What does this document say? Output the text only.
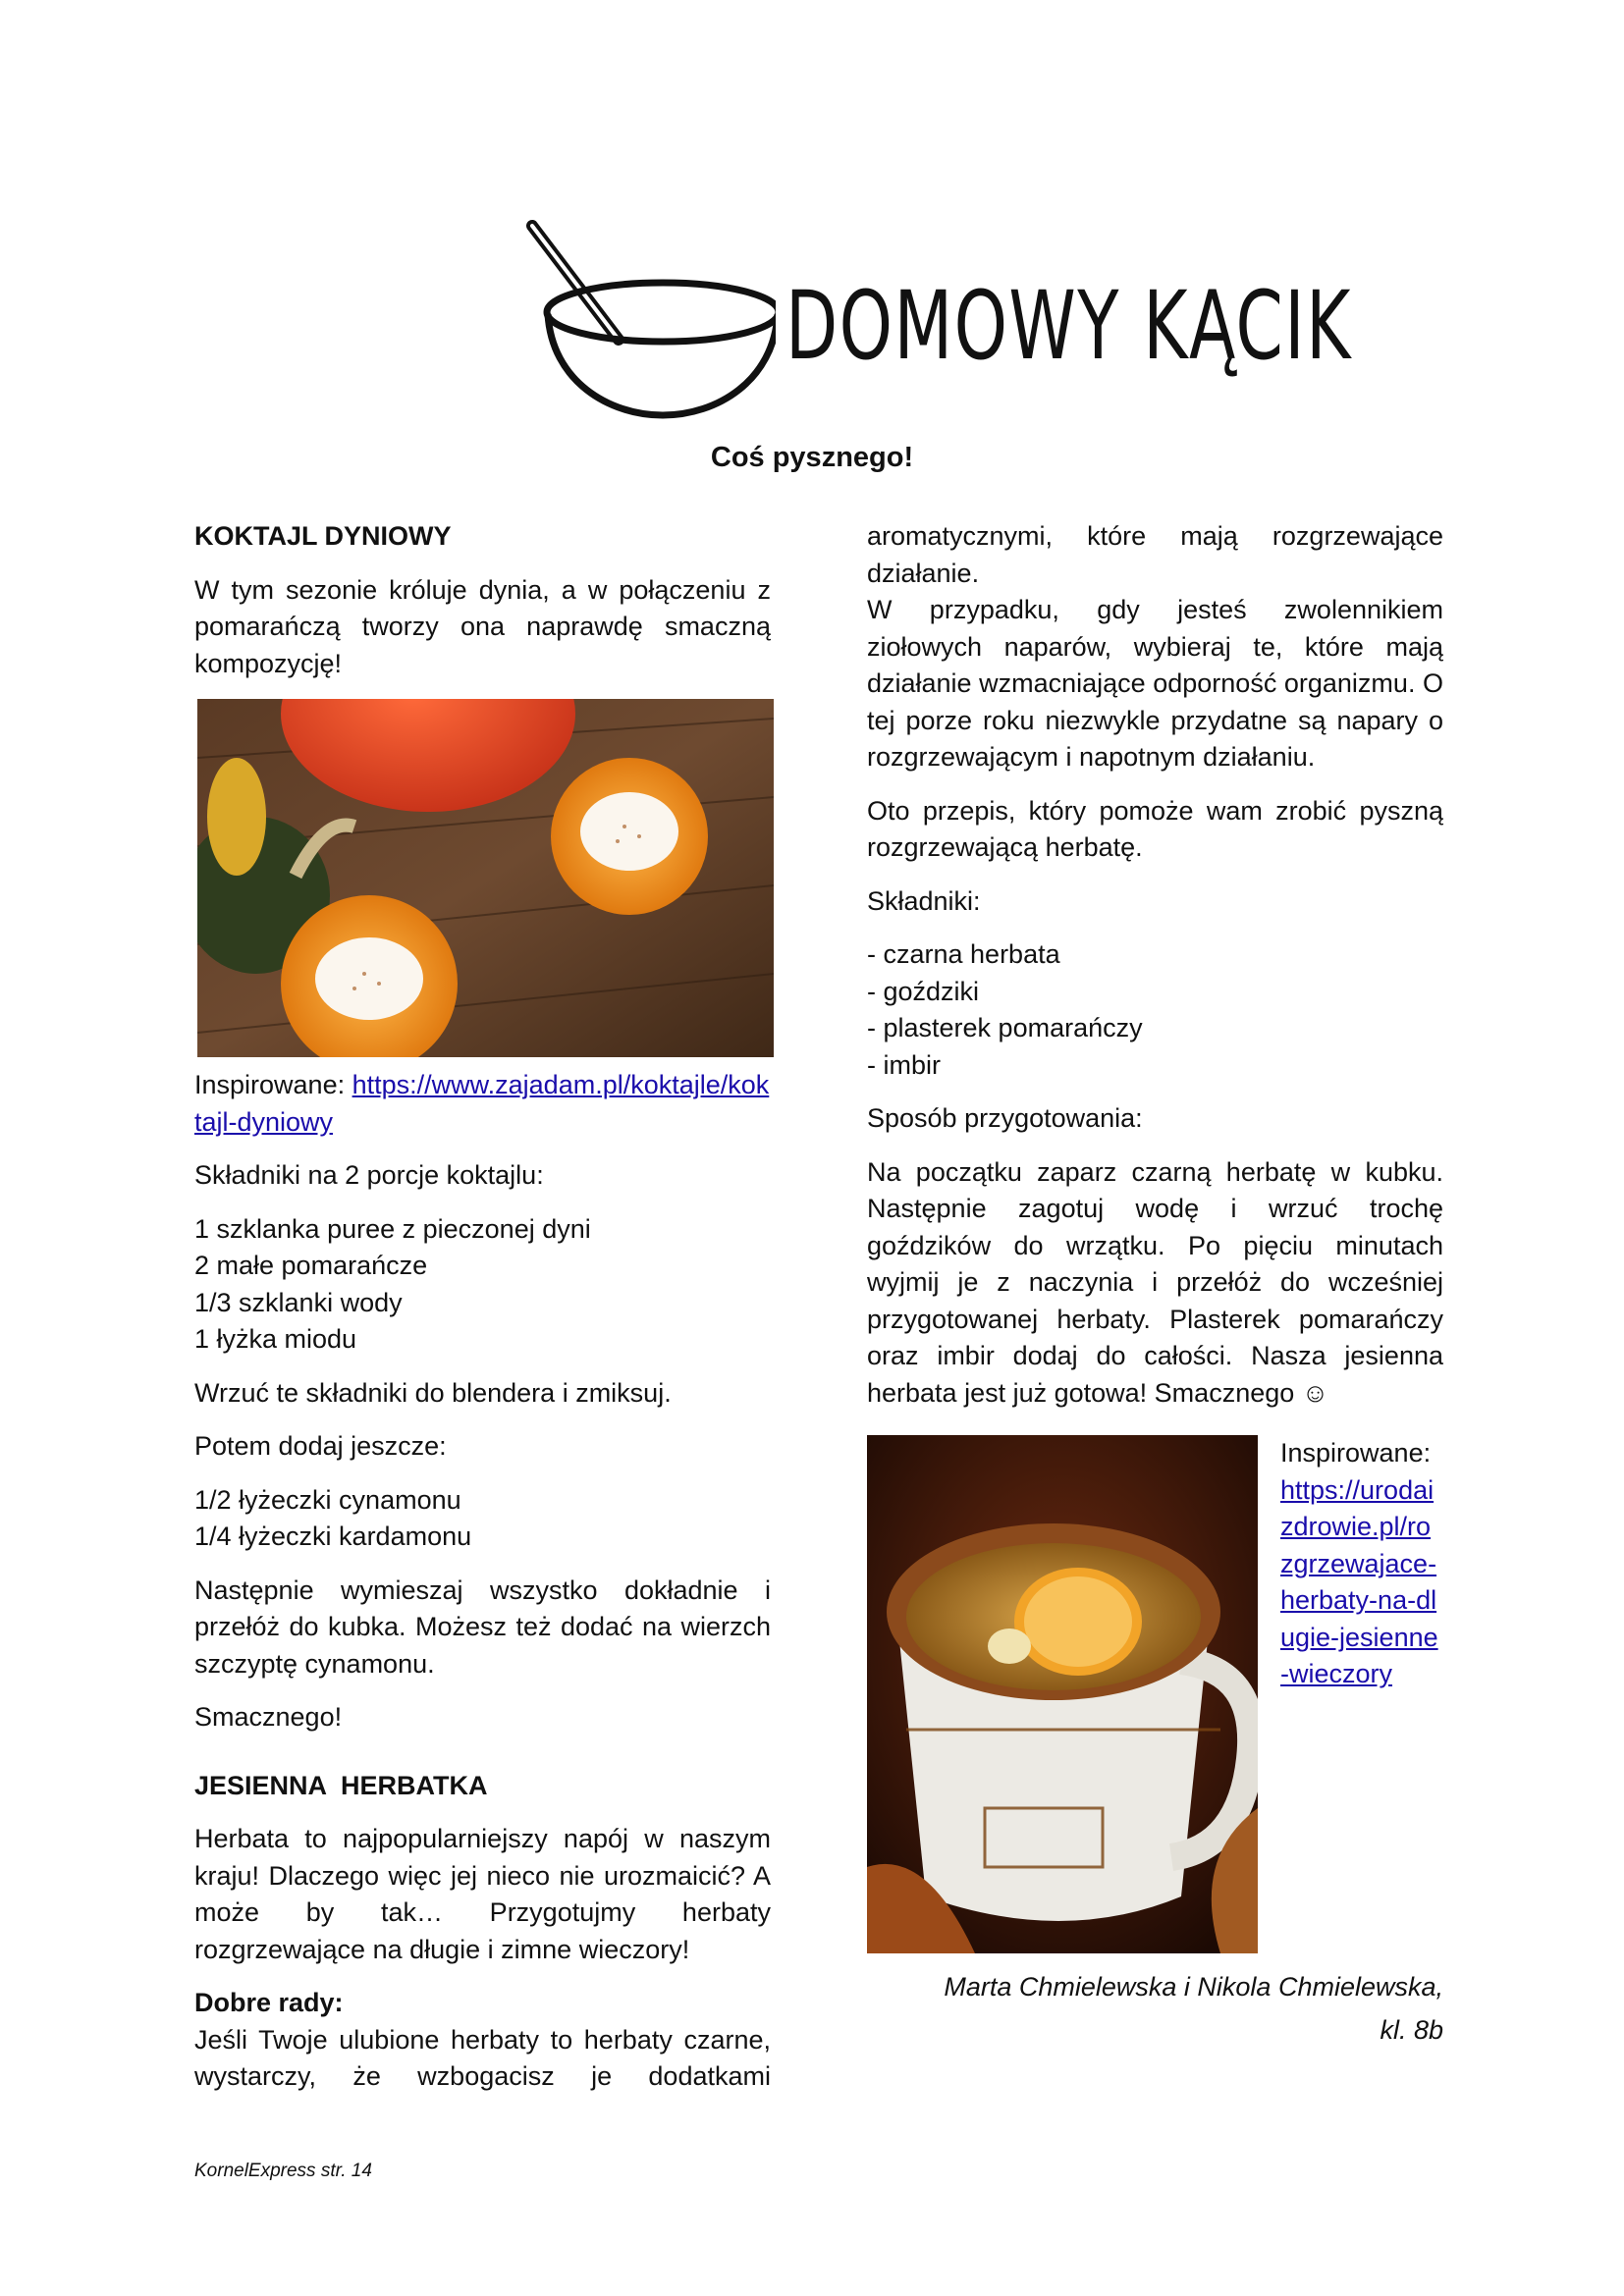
DOMOWY KĄCIK
Coś pysznego!
KOKTAJL DYNIOWY

W tym sezonie króluje dynia, a w połączeniu z pomarańczą tworzy ona naprawdę smaczną kompozycję!

Inspirowane: https://www.zajadam.pl/koktajle/koktajl-dyniowy

Składniki na 2 porcje koktajlu:

1 szklanka puree z pieczonej dyni
2 małe pomarańcze
1/3 szklanki wody
1 łyżka miodu

Wrzuć te składniki do blendera i zmiksuj.

Potem dodaj jeszcze:

1/2 łyżeczki cynamonu
1/4 łyżeczki kardamonu

Następnie wymieszaj wszystko dokładnie i przełóż do kubka. Możesz też dodać na wierzch szczyptę cynamonu.

Smacznego!

JESIENNA  HERBATKA

Herbata to najpopularniejszy napój w naszym kraju! Dlaczego więc jej nieco nie urozmaicić? A może by tak… Przygotujmy herbaty rozgrzewające na długie i zimne wieczory!

Dobre rady:

Jeśli Twoje ulubione herbaty to herbaty czarne, wystarczy, że wzbogacisz je dodatkami

aromatycznymi, które mają rozgrzewające działanie.

W przypadku, gdy jesteś zwolennikiem ziołowych naparów, wybieraj te, które mają działanie wzmacniające odporność organizmu. O tej porze roku niezwykle przydatne są napary o rozgrzewającym i napotnym działaniu.

Oto przepis, który pomoże wam zrobić pyszną rozgrzewającą herbatę.

Składniki:

- czarna herbata
- goździki
- plasterek pomarańczy
- imbir

Sposób przygotowania:

Na początku zaparz czarną herbatę w kubku. Następnie zagotuj wodę i wrzuć trochę goździków do wrzątku. Po pięciu minutach wyjmij je z naczynia i przełóż do wcześniej przygotowanej herbaty. Plasterek pomarańczy oraz imbir dodaj do całości. Nasza jesienna herbata jest już gotowa! Smacznego ☺

Inspirowane:
https://urodaizdrowie.pl/rozgrzewajace-herbaty-na-dlugie-jesienne-wieczory
Marta Chmielewska i Nikola Chmielewska,
kl. 8b
KornelExpress str. 14
